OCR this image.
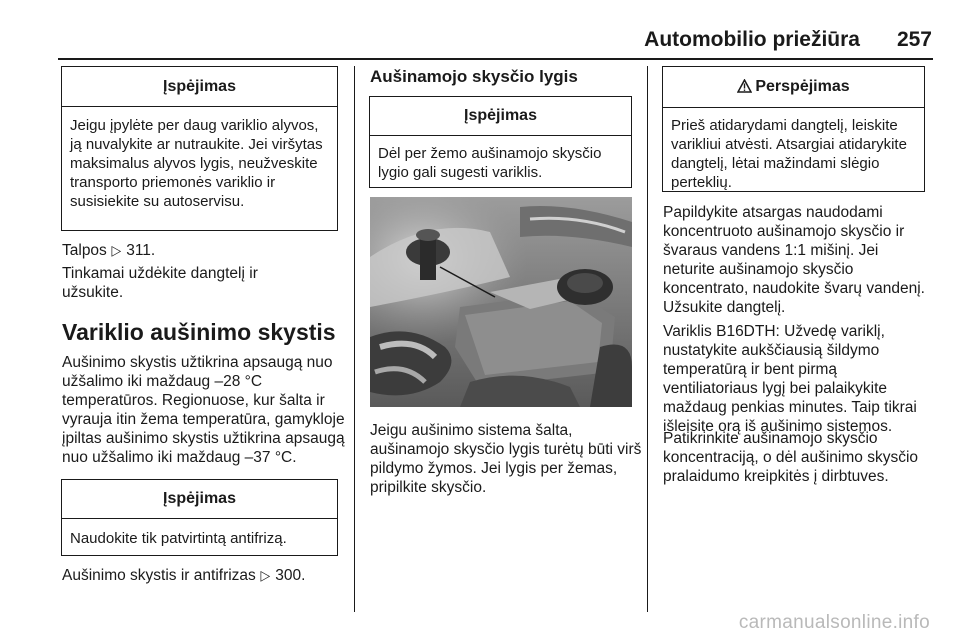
Automobilio priežiūra	257
Įspėjimas
Jeigu įpylėte per daug variklio alyvos, ją nuvalykite ar nutraukite. Jei viršytas maksimalus alyvos lygis, neužveskite transporto priemonės variklio ir susisiekite su autoservisu.
Talpos ▷ 311.
Tinkamai uždėkite dangtelį ir užsukite.
Variklio aušinimo skystis
Aušinimo skystis užtikrina apsaugą nuo užšalimo iki maždaug –28 °C temperatūros. Regionuose, kur šalta ir vyrauja itin žema temperatūra, gamykloje įpiltas aušinimo skystis užtikrina apsaugą nuo užšalimo iki maždaug –37 °C.
Įspėjimas
Naudokite tik patvirtintą antifrizą.
Aušinimo skystis ir antifrizas ▷ 300.
Aušinamojo skysčio lygis
Įspėjimas
Dėl per žemo aušinamojo skysčio lygio gali sugesti variklis.
Jeigu aušinimo sistema šalta, aušinamojo skysčio lygis turėtų būti virš pildymo žymos. Jei lygis per žemas, pripilkite skysčio.
Perspėjimas
Prieš atidarydami dangtelį, leiskite varikliui atvėsti. Atsargiai atidarykite dangtelį, lėtai mažindami slėgio perteklių.
Papildykite atsargas naudodami koncentruoto aušinamojo skysčio ir švaraus vandens 1:1 mišinį. Jei neturite aušinamojo skysčio koncentrato, naudokite švarų vandenį. Užsukite dangtelį.
Variklis B16DTH: Užvedę variklį, nustatykite aukščiausią šildymo temperatūrą ir bent pirmą ventiliatoriaus lygį bei palaikykite maždaug penkias minutes. Taip tikrai išleisite orą iš aušinimo sistemos.
Patikrinkite aušinamojo skysčio koncentraciją, o dėl aušinimo skysčio pralaidumo kreipkitės į dirbtuves.
carmanualsonline.info
